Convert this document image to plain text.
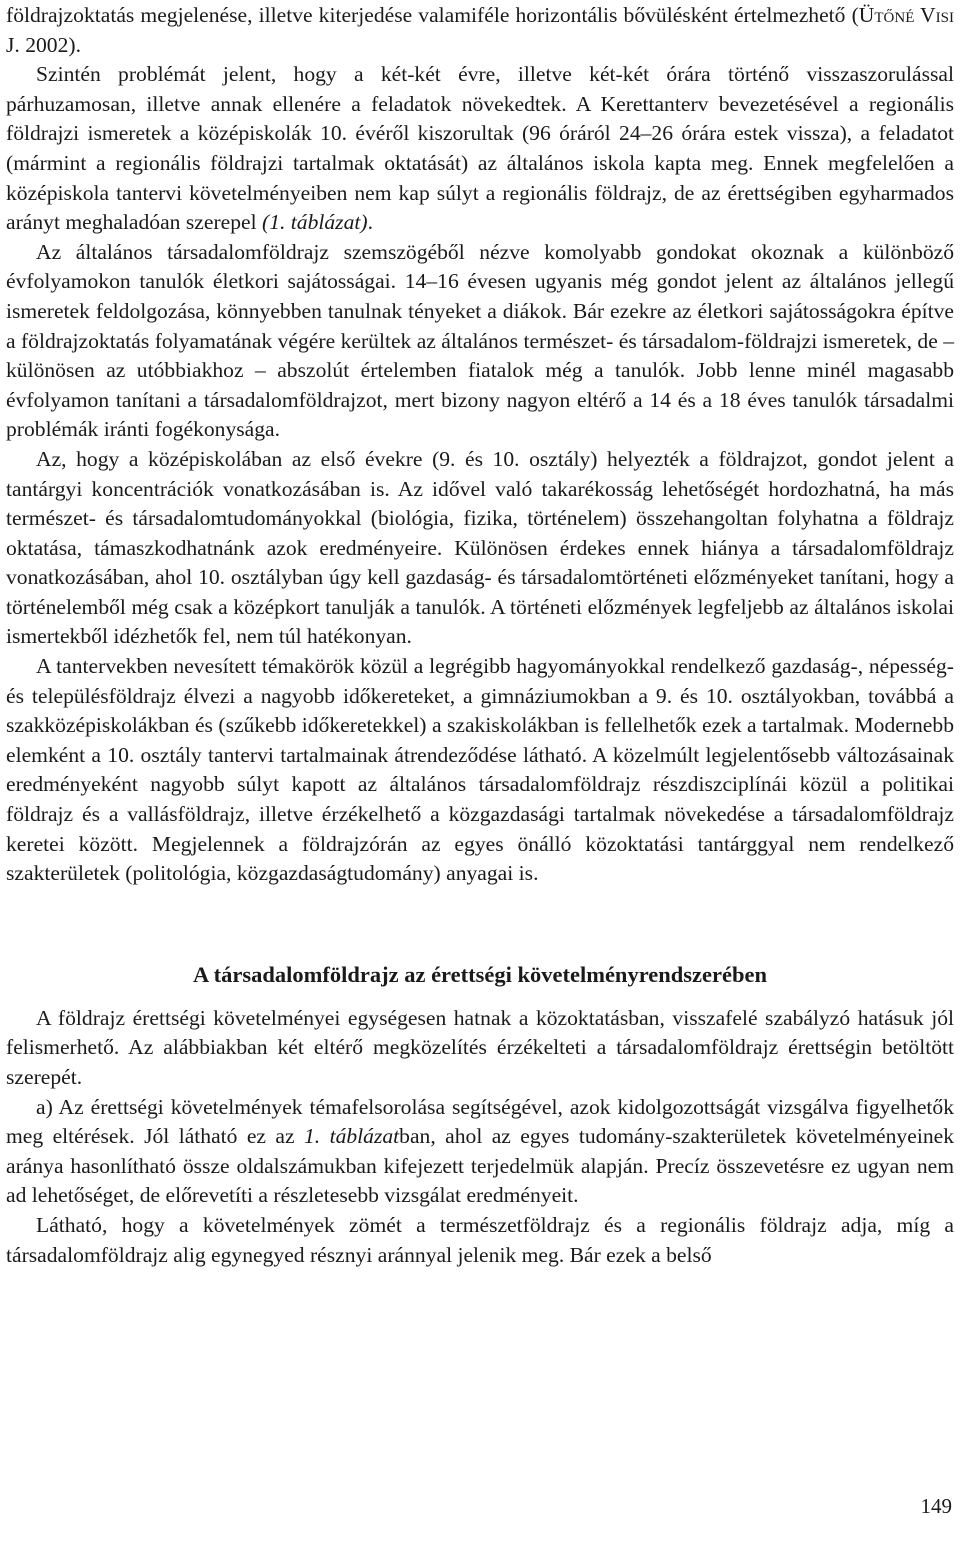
földrajzoktatás megjelenése, illetve kiterjedése valamiféle horizontális bővülésként értelmezhető (Ütőné Visi J. 2002).

Szintén problémát jelent, hogy a két-két évre, illetve két-két órára történő visszaszorulással párhuzamosan, illetve annak ellenére a feladatok növekedtek. A Kerettanterv bevezetésével a regionális földrajzi ismeretek a középiskolák 10. évéről kiszorultak (96 óráról 24–26 órára estek vissza), a feladatot (mármint a regionális földrajzi tartalmak oktatását) az általános iskola kapta meg. Ennek megfelelően a középiskola tantervi követelményeiben nem kap súlyt a regionális földrajz, de az érettségiben egyharmados arányt meghaladóan szerepel (1. táblázat).

Az általános társadalomföldrajz szemszögéből nézve komolyabb gondokat okoznak a különböző évfolyamokon tanulók életkori sajátosságai. 14–16 évesen ugyanis még gondot jelent az általános jellegű ismeretek feldolgozása, könnyebben tanulnak tényeket a diákok. Bár ezekre az életkori sajátosságokra építve a földrajzoktatás folyamatának végére kerültek az általános természet- és társadalom-földrajzi ismeretek, de – különösen az utóbbiakhoz – abszolút értelemben fiatalok még a tanulók. Jobb lenne minél magasabb évfolyamon tanítani a társadalomföldrajzot, mert bizony nagyon eltérő a 14 és a 18 éves tanulók társadalmi problémák iránti fogékonysága.

Az, hogy a középiskolában az első évekre (9. és 10. osztály) helyezték a földrajzot, gondot jelent a tantárgyi koncentrációk vonatkozásában is. Az idővel való takarékosság lehetőségét hordozhatná, ha más természet- és társadalomtudományokkal (biológia, fizika, történelem) összehangoltan folyhatna a földrajz oktatása, támaszkodhatnánk azok eredményeire. Különösen érdekes ennek hiánya a társadalomföldrajz vonatkozásában, ahol 10. osztályban úgy kell gazdaság- és társadalomtörténeti előzményeket tanítani, hogy a történelemből még csak a középkort tanulják a tanulók. A történeti előzmények legfeljebb az általános iskolai ismertekből idézhetők fel, nem túl hatékonyan.

A tantervekben nevesített témakörök közül a legrégibb hagyományokkal rendelkező gazdaság-, népesség- és településföldrajz élvezi a nagyobb időkereteket, a gimnáziumokban a 9. és 10. osztályokban, továbbá a szakközépiskolákban és (szűkebb időkeretekkel) a szakiskolákban is fellelhetők ezek a tartalmak. Modernebb elemként a 10. osztály tantervi tartalmainak átrendeződése látható. A közelmúlt legjelentősebb változásainak eredményeként nagyobb súlyt kapott az általános társadalomföldrajz részdiszciplínái közül a politikai földrajz és a vallásföldrajz, illetve érzékelhető a közgazdasági tartalmak növekedése a társadalomföldrajz keretei között. Megjelennek a földrajzórán az egyes önálló közoktatási tantárggyal nem rendelkező szakterületek (politológia, közgazdaságtudomány) anyagai is.

A társadalomföldrajz az érettségi követelményrendszerében

A földrajz érettségi követelményei egységesen hatnak a közoktatásban, visszafelé szabályzó hatásuk jól felismerhető. Az alábbiakban két eltérő megközelítés érzékelteti a társadalomföldrajz érettségin betöltött szerepét.

a) Az érettségi követelmények témafelsorolása segítségével, azok kidolgozottságát vizsgálva figyelhetők meg eltérések. Jól látható ez az 1. táblázatban, ahol az egyes tudomány-szakterületek követelményeinek aránya hasonlítható össze oldalszámukban kifejezett terjedelmük alapján. Precíz összevetésre ez ugyan nem ad lehetőséget, de előrevetíti a részletesebb vizsgálat eredményeit.

Látható, hogy a követelmények zömét a természetföldrajz és a regionális földrajz adja, míg a társadalomföldrajz alig egynegyed résznyi aránnyal jelenik meg. Bár ezek a belső

149
